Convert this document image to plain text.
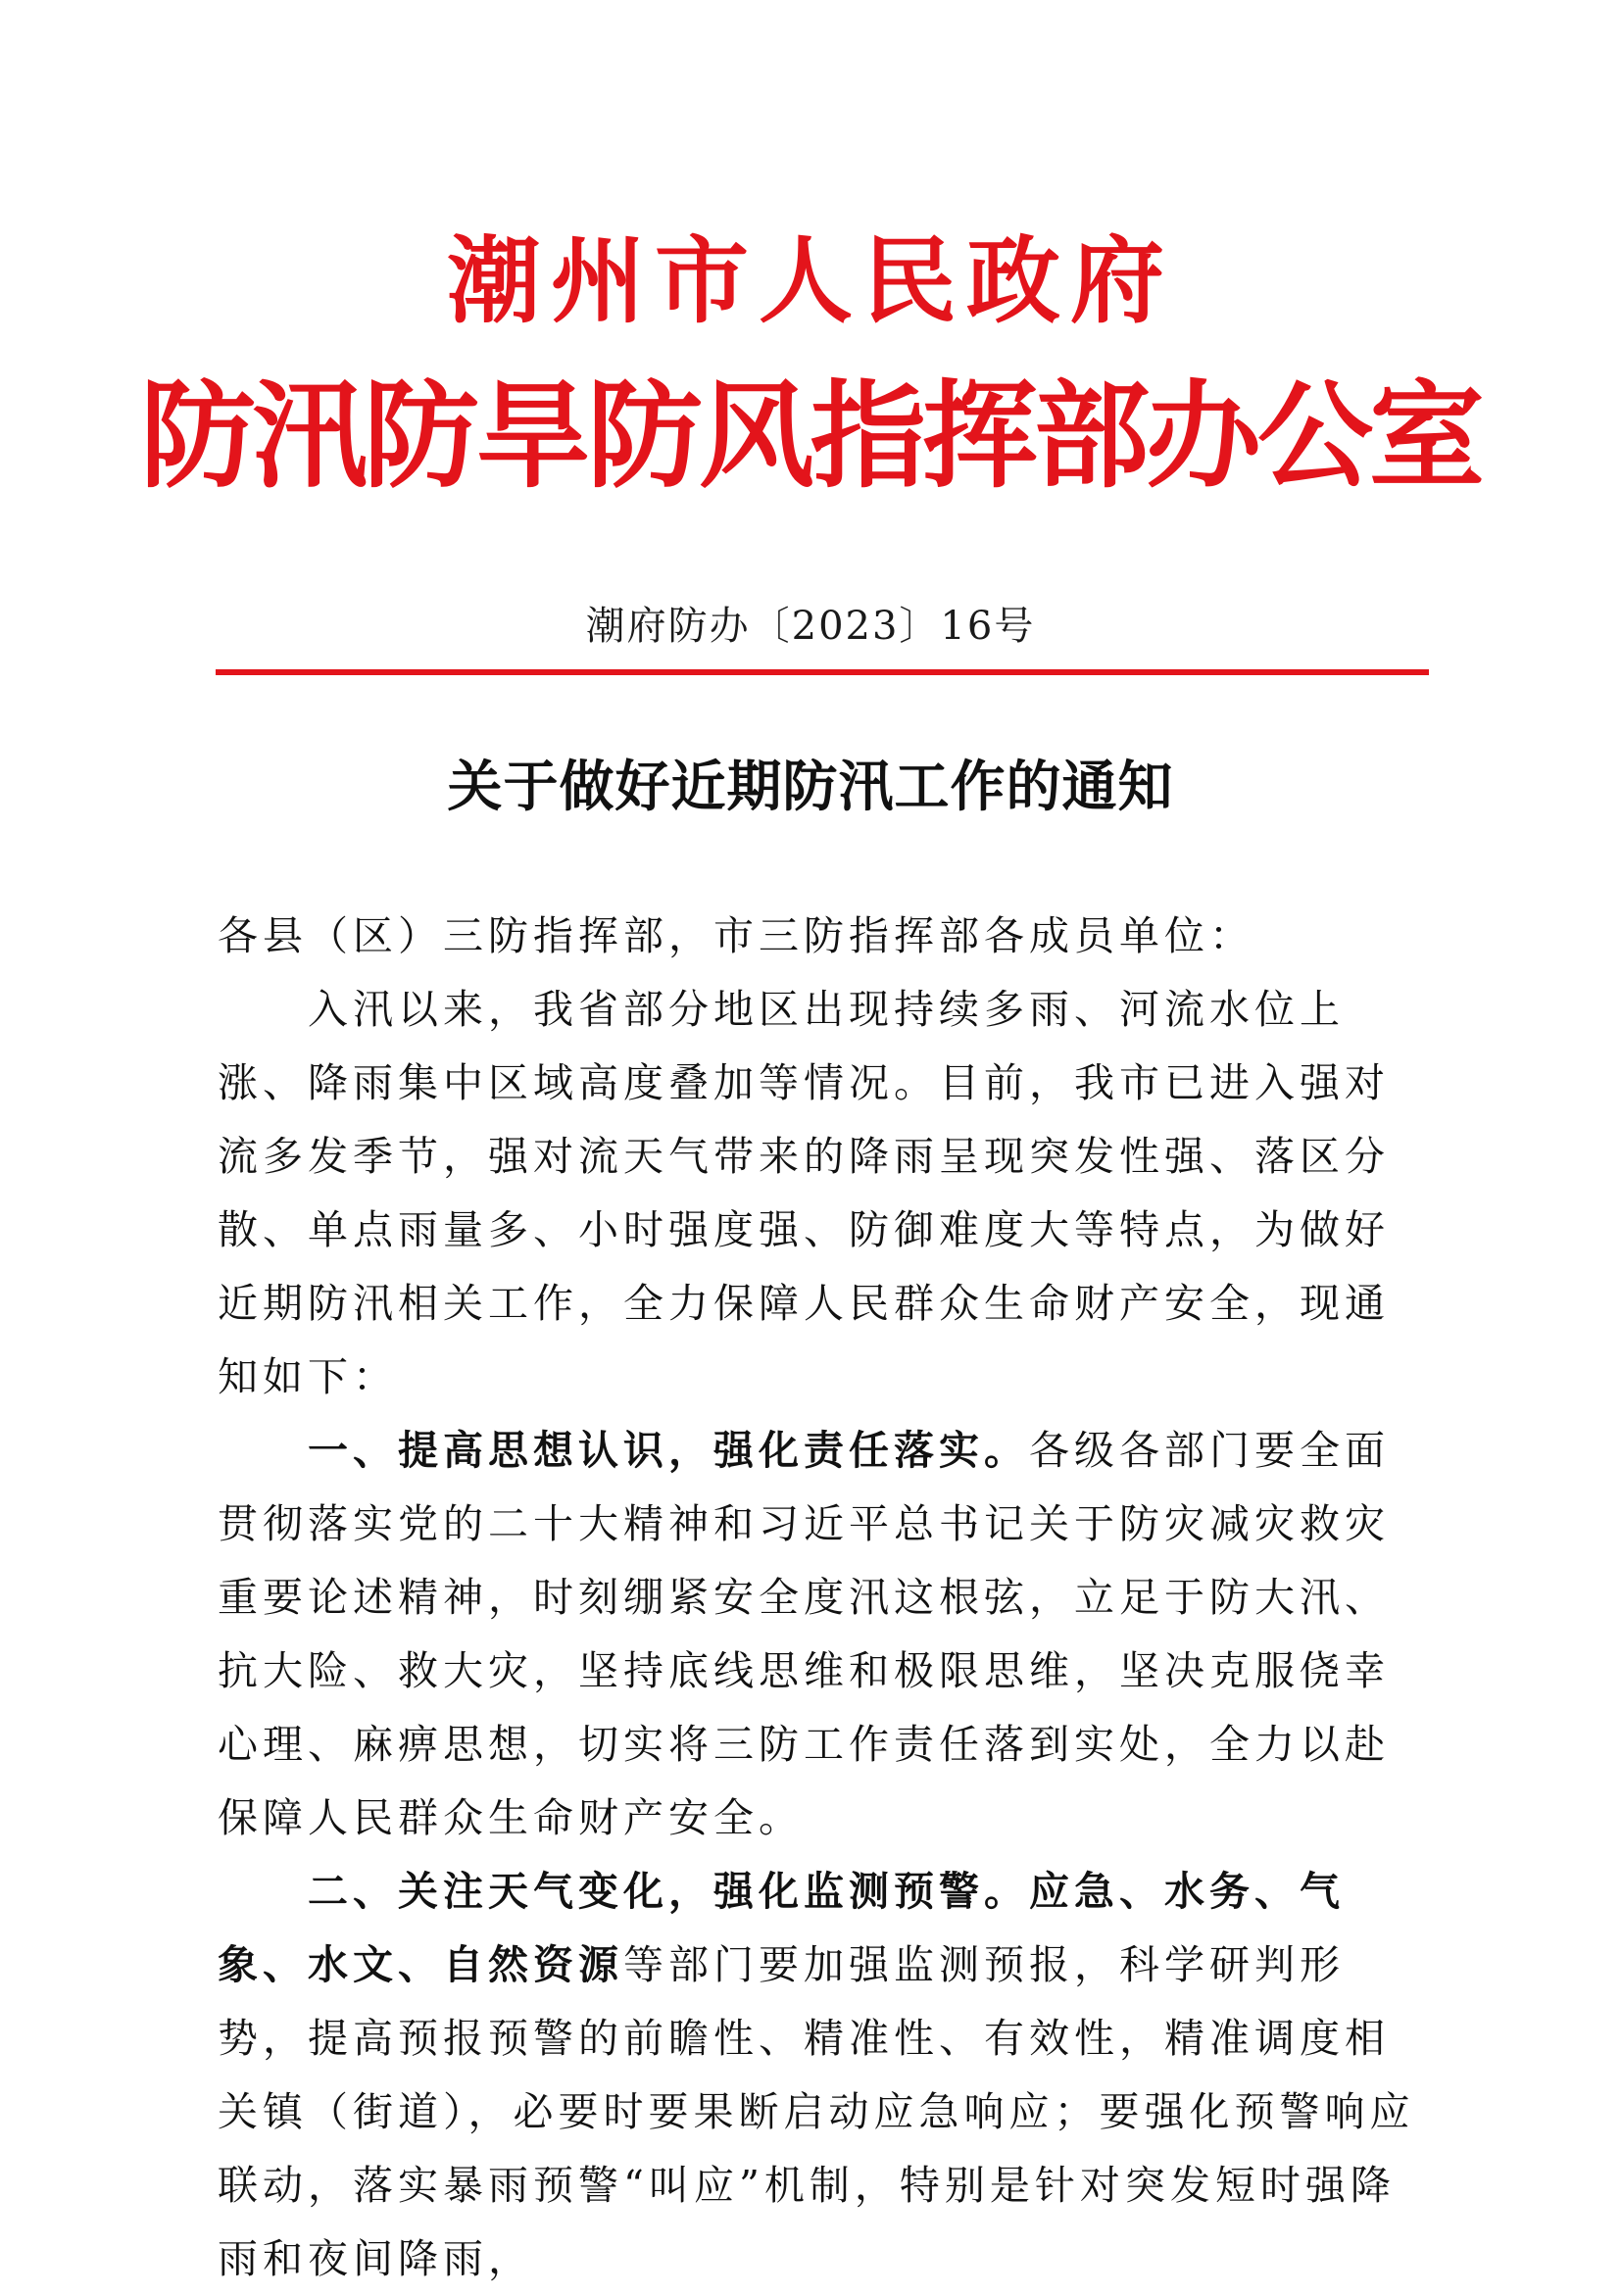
潮州市人民政府
防汛防旱防风指挥部办公室
潮府防办〔2023〕16号
关于做好近期防汛工作的通知

各县（区）三防指挥部，市三防指挥部各成员单位：

入汛以来，我省部分地区出现持续多雨、河流水位上涨、降雨集中区域高度叠加等情况。目前，我市已进入强对流多发季节，强对流天气带来的降雨呈现突发性强、落区分散、单点雨量多、小时强度强、防御难度大等特点，为做好近期防汛相关工作，全力保障人民群众生命财产安全，现通知如下：

一、提高思想认识，强化责任落实。各级各部门要全面贯彻落实党的二十大精神和习近平总书记关于防灾减灾救灾重要论述精神，时刻绷紧安全度汛这根弦，立足于防大汛、抗大险、救大灾，坚持底线思维和极限思维，坚决克服侥幸心理、麻痹思想，切实将三防工作责任落到实处，全力以赴保障人民群众生命财产安全。

二、关注天气变化，强化监测预警。应急、水务、气象、水文、自然资源等部门要加强监测预报，科学研判形势，提高预报预警的前瞻性、精准性、有效性，精准调度相关镇（街道），必要时要果断启动应急响应；要强化预警响应联动，落实暴雨预警“叫应”机制，特别是针对突发短时强降雨和夜间降雨，
